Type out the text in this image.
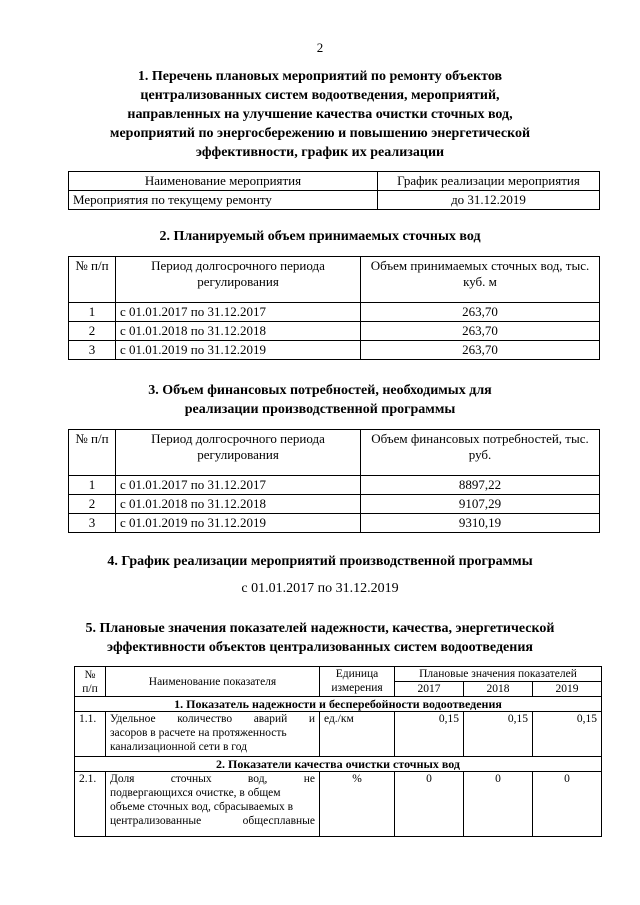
2
1. Перечень плановых мероприятий по ремонту объектов
централизованных систем водоотведения, мероприятий,
направленных на улучшение качества очистки сточных вод,
мероприятий по энергосбережению и повышению энергетической
эффективности, график их реализации
Наименование мероприятия	График реализации мероприятия
Мероприятия по текущему ремонту	до 31.12.2019
2. Планируемый объем принимаемых сточных вод
№ п/п	Период долгосрочного периода регулирования	Объем принимаемых сточных вод, тыс. куб. м
1	с 01.01.2017 по 31.12.2017	263,70
2	с 01.01.2018 по 31.12.2018	263,70
3	с 01.01.2019 по 31.12.2019	263,70
3. Объем финансовых потребностей, необходимых для
реализации производственной программы
№ п/п	Период долгосрочного периода регулирования	Объем финансовых потребностей, тыс. руб.
1	с 01.01.2017 по 31.12.2017	8897,22
2	с 01.01.2018 по 31.12.2018	9107,29
3	с 01.01.2019 по 31.12.2019	9310,19
4. График реализации мероприятий производственной программы
с 01.01.2017 по 31.12.2019
5. Плановые значения показателей надежности, качества, энергетической
эффективности объектов централизованных систем водоотведения
№ п/п	Наименование показателя	Единица измерения	Плановые значения показателей		
			2017	2018	2019
1. Показатель надежности и бесперебойности водоотведения					
1.1.	Удельное количество аварий и
засоров в расчете на протяженность
канализационной сети в год	ед./км	0,15	0,15	0,15
2. Показатели качества очистки сточных вод					
2.1.	Доля сточных вод, не
подвергающихся очистке, в общем
объеме сточных вод, сбрасываемых в
централизованные общесплавные	%	0	0	0
